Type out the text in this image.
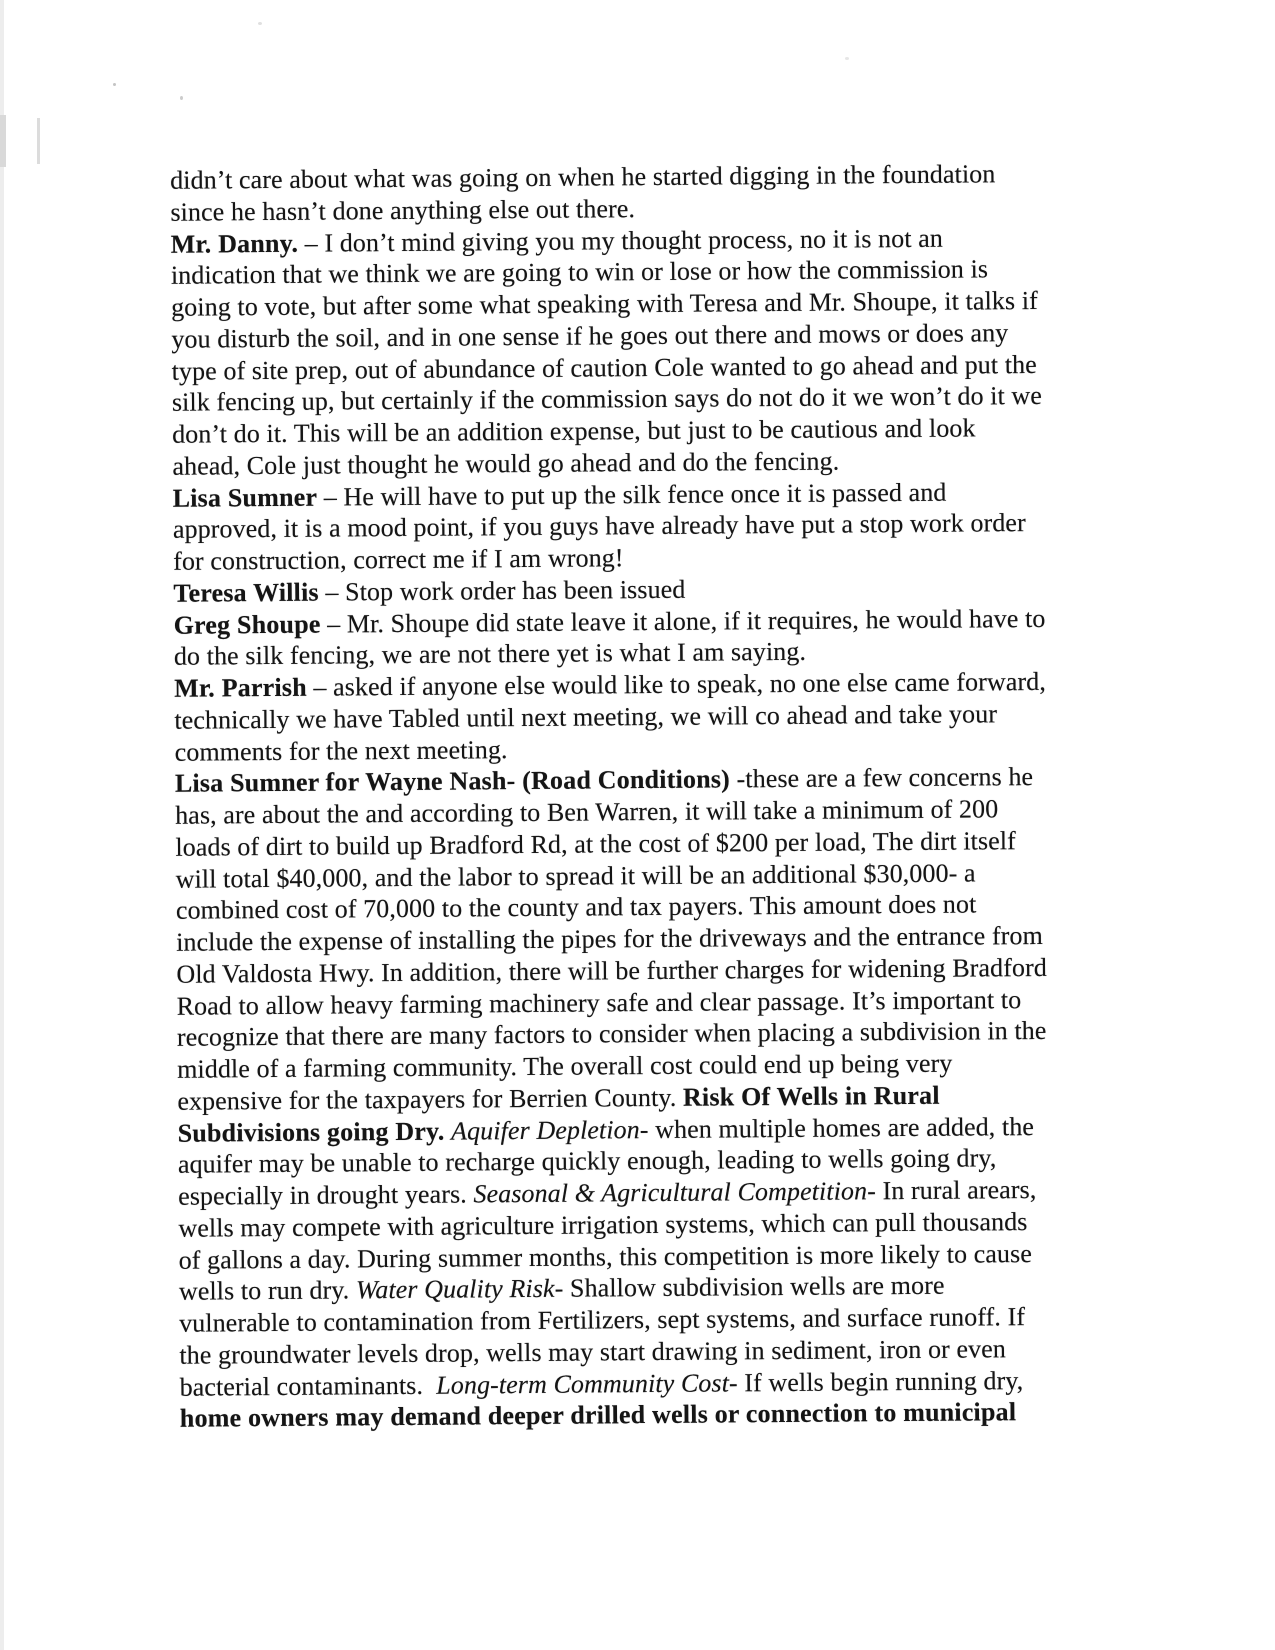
didn’t care about what was going on when he started digging in the foundation
since he hasn’t done anything else out there.
Mr. Danny. – I don’t mind giving you my thought process, no it is not an
indication that we think we are going to win or lose or how the commission is
going to vote, but after some what speaking with Teresa and Mr. Shoupe, it talks if
you disturb the soil, and in one sense if he goes out there and mows or does any
type of site prep, out of abundance of caution Cole wanted to go ahead and put the
silk fencing up, but certainly if the commission says do not do it we won’t do it we
don’t do it. This will be an addition expense, but just to be cautious and look
ahead, Cole just thought he would go ahead and do the fencing.
Lisa Sumner – He will have to put up the silk fence once it is passed and
approved, it is a mood point, if you guys have already have put a stop work order
for construction, correct me if I am wrong!
Teresa Willis – Stop work order has been issued
Greg Shoupe – Mr. Shoupe did state leave it alone, if it requires, he would have to
do the silk fencing, we are not there yet is what I am saying.
Mr. Parrish – asked if anyone else would like to speak, no one else came forward,
technically we have Tabled until next meeting, we will co ahead and take your
comments for the next meeting.
Lisa Sumner for Wayne Nash- (Road Conditions) -these are a few concerns he
has, are about the and according to Ben Warren, it will take a minimum of 200
loads of dirt to build up Bradford Rd, at the cost of $200 per load, The dirt itself
will total $40,000, and the labor to spread it will be an additional $30,000- a
combined cost of 70,000 to the county and tax payers. This amount does not
include the expense of installing the pipes for the driveways and the entrance from
Old Valdosta Hwy. In addition, there will be further charges for widening Bradford
Road to allow heavy farming machinery safe and clear passage. It’s important to
recognize that there are many factors to consider when placing a subdivision in the
middle of a farming community. The overall cost could end up being very
expensive for the taxpayers for Berrien County. Risk Of Wells in Rural
Subdivisions going Dry. Aquifer Depletion- when multiple homes are added, the
aquifer may be unable to recharge quickly enough, leading to wells going dry,
especially in drought years. Seasonal & Agricultural Competition- In rural arears,
wells may compete with agriculture irrigation systems, which can pull thousands
of gallons a day. During summer months, this competition is more likely to cause
wells to run dry. Water Quality Risk- Shallow subdivision wells are more
vulnerable to contamination from Fertilizers, sept systems, and surface runoff. If
the groundwater levels drop, wells may start drawing in sediment, iron or even
bacterial contaminants.  Long-term Community Cost- If wells begin running dry,
home owners may demand deeper drilled wells or connection to municipal
